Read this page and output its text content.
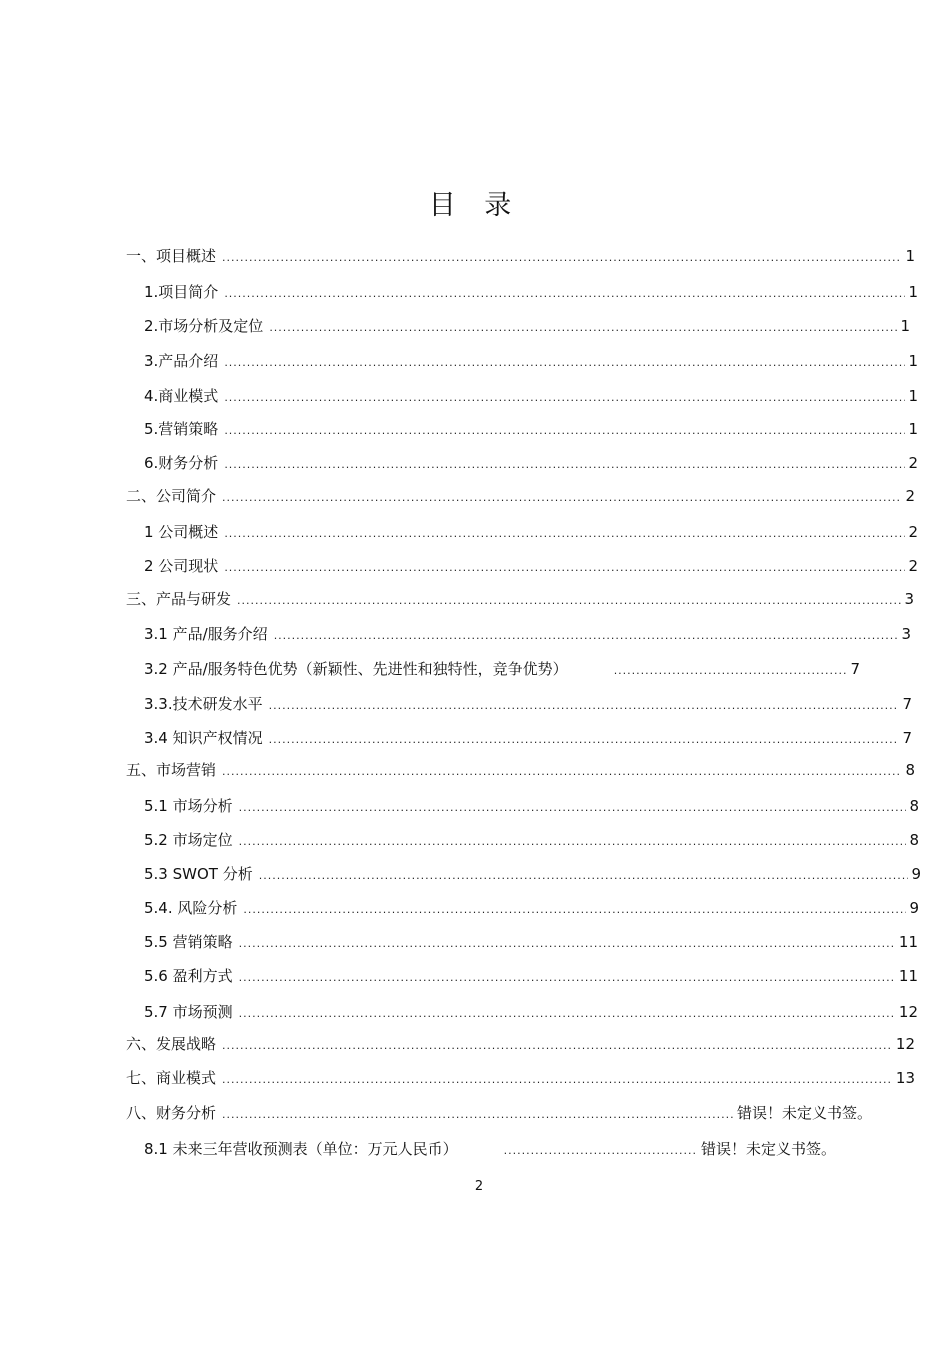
目 录
一、项目概述 .....	1
1.项目简介 .....	1
2.市场分析及定位 .....	1
3.产品介绍 .....	1
4.商业模式 .....	1
5.营销策略 .....	1
6.财务分析 .....	2
二、公司简介 .....	2
1 公司概述 .....	2
2 公司现状 .....	2
三、产品与研发 .....	3
3.1 产品/服务介绍 .....	3
3.2 产品/服务特色优势（新颖性、先进性和独特性，竞争优势） .....	7
3.3.技术研发水平 .....	7
3.4 知识产权情况 .....	7
五、市场营销 .....	8
5.1 市场分析 .....	8
5.2 市场定位 .....	8
5.3 SWOT 分析 .....	9
5.4. 风险分析 .....	9
5.5 营销策略 .....	11
5.6 盈利方式 .....	11
5.7 市场预测 .....	12
六、发展战略 .....	12
七、商业模式 .....	13
八、财务分析 .....	错误！未定义书签。
8.1 未来三年营收预测表（单位：万元人民币） .....	错误！未定义书签。
2
